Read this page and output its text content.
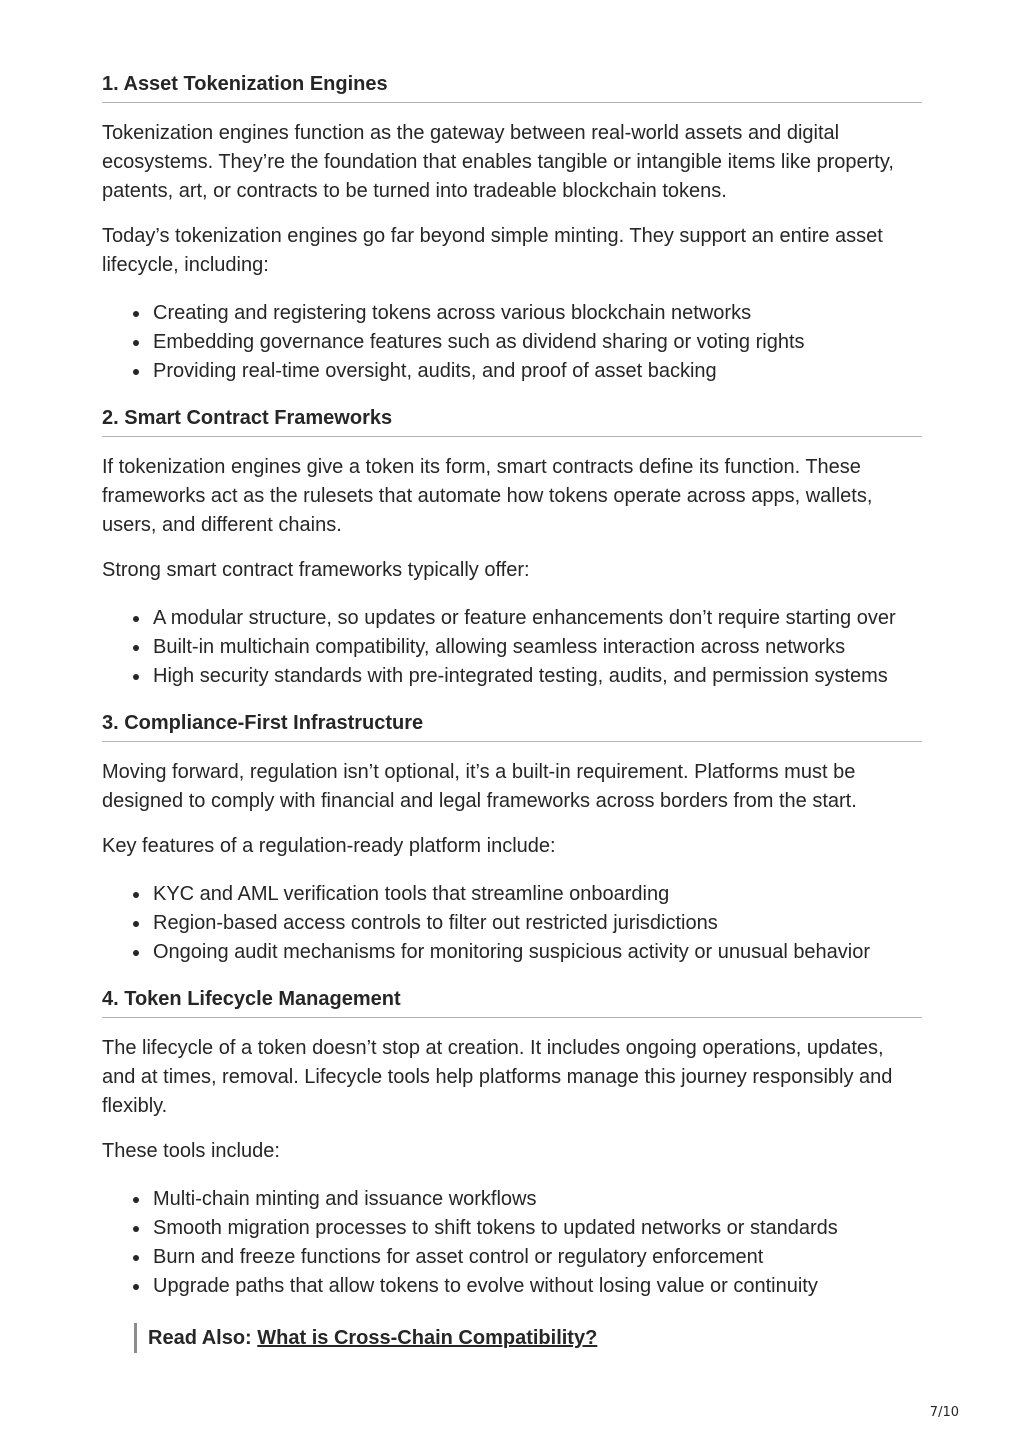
1. Asset Tokenization Engines

Tokenization engines function as the gateway between real-world assets and digital ecosystems. They’re the foundation that enables tangible or intangible items like property, patents, art, or contracts to be turned into tradeable blockchain tokens.

Today’s tokenization engines go far beyond simple minting. They support an entire asset lifecycle, including:

Creating and registering tokens across various blockchain networks
Embedding governance features such as dividend sharing or voting rights
Providing real-time oversight, audits, and proof of asset backing
2. Smart Contract Frameworks

If tokenization engines give a token its form, smart contracts define its function. These frameworks act as the rulesets that automate how tokens operate across apps, wallets, users, and different chains.

Strong smart contract frameworks typically offer:

A modular structure, so updates or feature enhancements don’t require starting over
Built-in multichain compatibility, allowing seamless interaction across networks
High security standards with pre-integrated testing, audits, and permission systems
3. Compliance-First Infrastructure

Moving forward, regulation isn’t optional, it’s a built-in requirement. Platforms must be designed to comply with financial and legal frameworks across borders from the start.

Key features of a regulation-ready platform include:

KYC and AML verification tools that streamline onboarding
Region-based access controls to filter out restricted jurisdictions
Ongoing audit mechanisms for monitoring suspicious activity or unusual behavior
4. Token Lifecycle Management

The lifecycle of a token doesn’t stop at creation. It includes ongoing operations, updates, and at times, removal. Lifecycle tools help platforms manage this journey responsibly and flexibly.

These tools include:

Multi-chain minting and issuance workflows
Smooth migration processes to shift tokens to updated networks or standards
Burn and freeze functions for asset control or regulatory enforcement
Upgrade paths that allow tokens to evolve without losing value or continuity
Read Also: What is Cross-Chain Compatibility?
7/10
